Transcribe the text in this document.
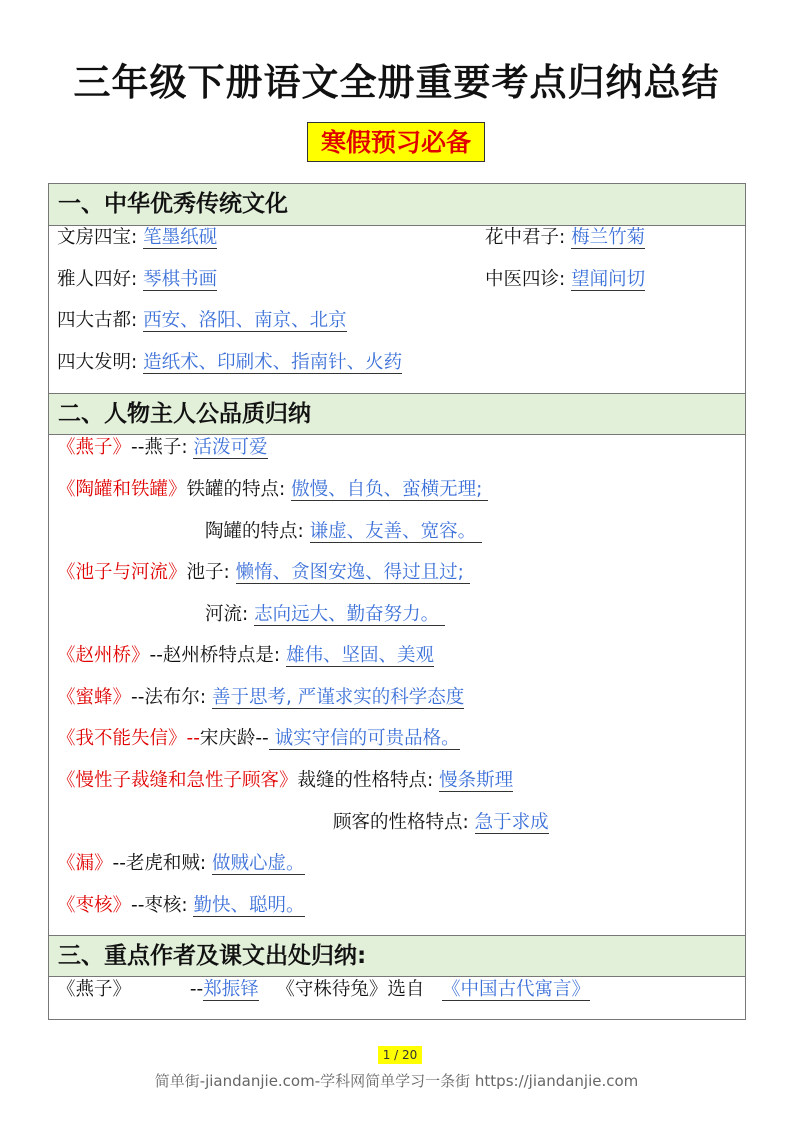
三年级下册语文全册重要考点归纳总结
寒假预习必备
一、中华优秀传统文化
文房四宝: 笔墨纸砚	花中君子: 梅兰竹菊
雅人四好: 琴棋书画	中医四诊: 望闻问切
四大古都: 西安、洛阳、南京、北京
四大发明: 造纸术、印刷术、指南针、火药
二、人物主人公品质归纳
《燕子》--燕子: 活泼可爱
《陶罐和铁罐》铁罐的特点: 傲慢、自负、蛮横无理;
陶罐的特点: 谦虚、友善、宽容。
《池子与河流》池子: 懒惰、贪图安逸、得过且过;
河流: 志向远大、勤奋努力。
《赵州桥》--赵州桥特点是: 雄伟、坚固、美观
《蜜蜂》--法布尔: 善于思考, 严谨求实的科学态度
《我不能失信》--宋庆龄-- 诚实守信的可贵品格。
《慢性子裁缝和急性子顾客》裁缝的性格特点: 慢条斯理
顾客的性格特点: 急于求成
《漏》--老虎和贼: 做贼心虚。
《枣核》--枣核: 勤快、聪明。
三、重点作者及课文出处归纳:
《燕子》          --郑振铎   《守株待兔》选自   《中国古代寓言》
1 / 20
简单街-jiandanjie.com-学科网简单学习一条街 https://jiandanjie.com
